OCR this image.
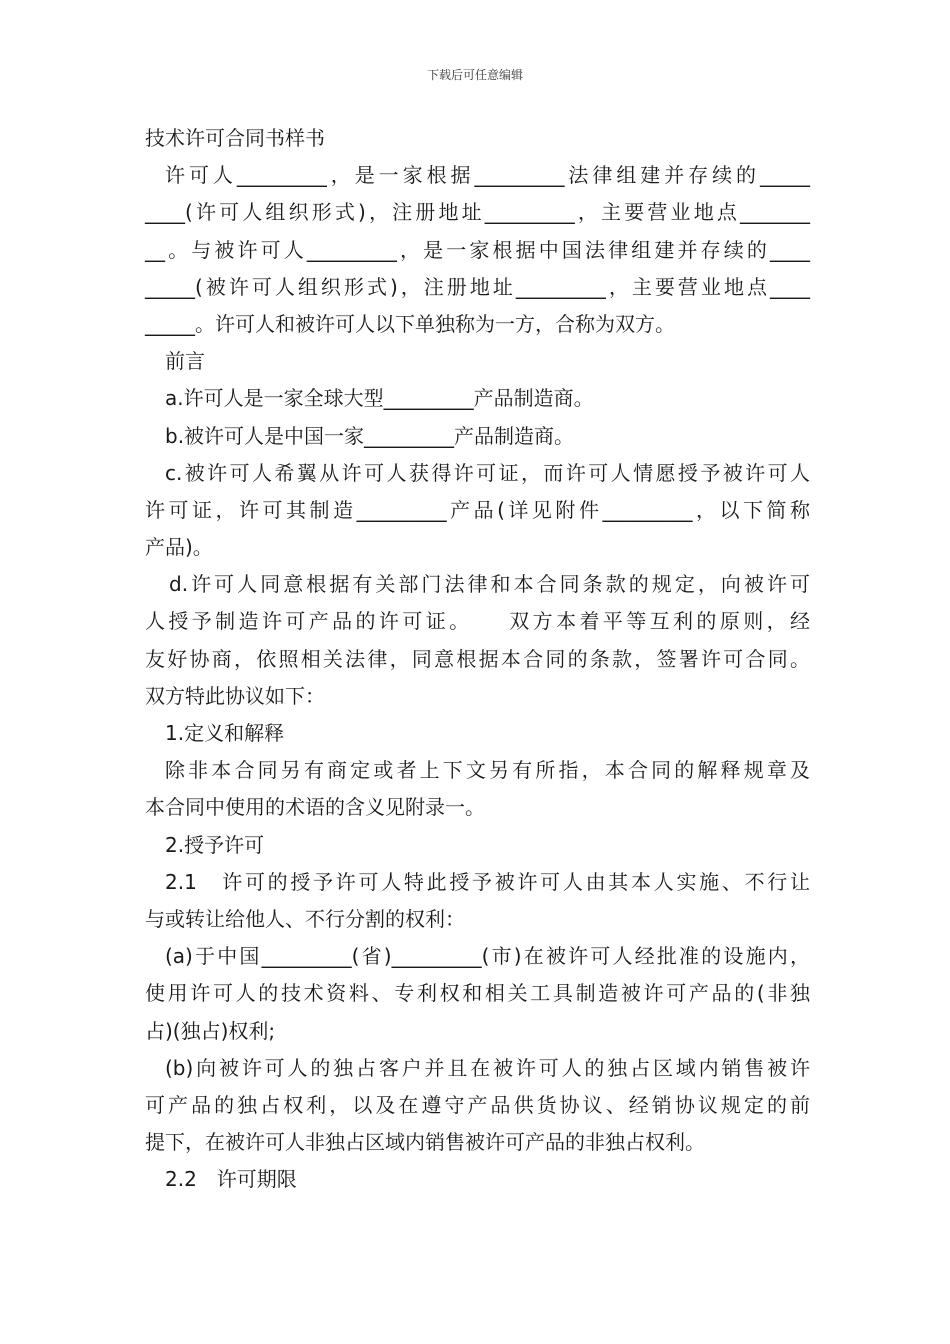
下载后可任意编辑
技术许可合同书样书
许可人_________，是一家根据_________法律组建并存续的_____
____(许可人组织形式)，注册地址_________，主要营业地点_______
__。与被许可人_________，是一家根据中国法律组建并存续的____
_____(被许可人组织形式)，注册地址_________，主要营业地点____
_____。许可人和被许可人以下单独称为一方，合称为双方。
前言
a.许可人是一家全球大型_________产品制造商。
b.被许可人是中国一家_________产品制造商。
c.被许可人希翼从许可人获得许可证，而许可人情愿授予被许可人
许可证，许可其制造_________产品(详见附件_________，以下简称
产品)。
d.许可人同意根据有关部门法律和本合同条款的规定，向被许可
人授予制造许可产品的许可证。　　双方本着平等互利的原则，经
友好协商，依照相关法律，同意根据本合同的条款，签署许可合同。
双方特此协议如下：
1.定义和解释
除非本合同另有商定或者上下文另有所指，本合同的解释规章及
本合同中使用的术语的含义见附录一。
2.授予许可
2.1　许可的授予许可人特此授予被许可人由其本人实施、不行让
与或转让给他人、不行分割的权利：
(a)于中国_________(省)_________(市)在被许可人经批准的设施内，
使用许可人的技术资料、专利权和相关工具制造被许可产品的(非独
占)(独占)权利;
(b)向被许可人的独占客户并且在被许可人的独占区域内销售被许
可产品的独占权利，以及在遵守产品供货协议、经销协议规定的前
提下，在被许可人非独占区域内销售被许可产品的非独占权利。
2.2　许可期限
